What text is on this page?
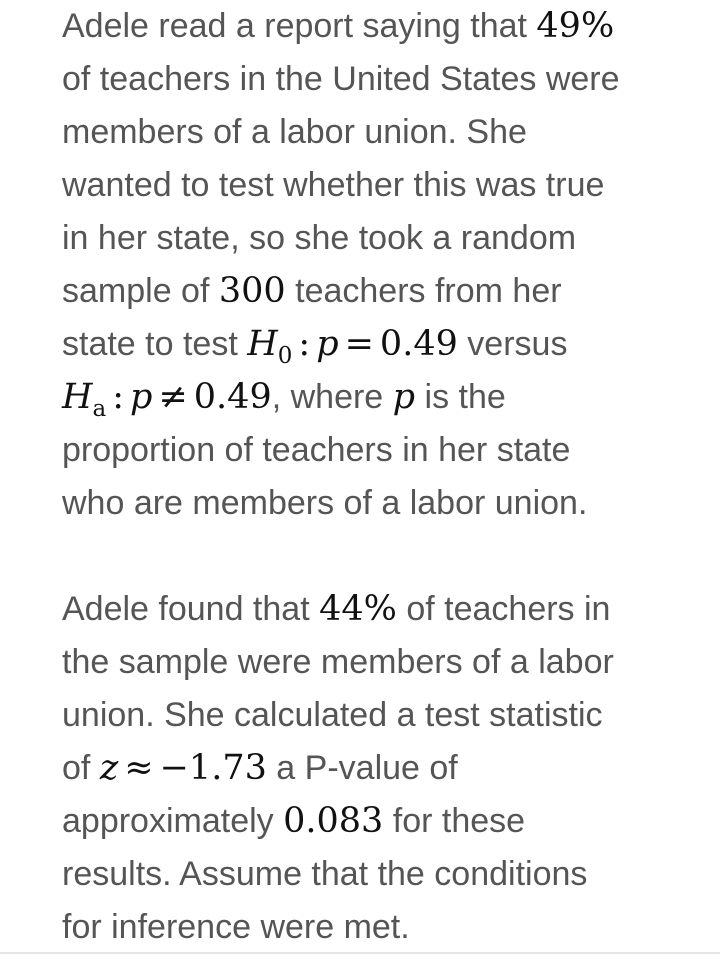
Adele read a report saying that 49%
of teachers in the United States were
members of a labor union. She
wanted to test whether this was true
in her state, so she took a random
sample of 300 teachers from her
state to test $H_0$ : p = 0.49 versus
$H_a$ : p ≠ 0.49, where p is the
proportion of teachers in her state
who are members of a labor union.

Adele found that 44% of teachers in
the sample were members of a labor
union. She calculated a test statistic
of z ≈ −1.73 a P-value of
approximately 0.083 for these
results. Assume that the conditions
for inference were met.
